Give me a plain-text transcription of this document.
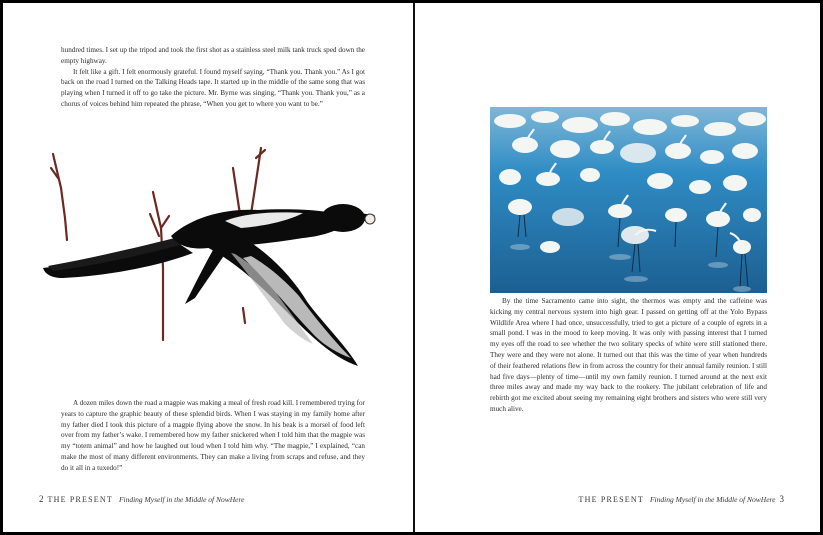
hundred times. I set up the tripod and took the first shot as a stainless steel milk tank truck sped down the empty highway.

It felt like a gift. I felt enormously grateful. I found myself saying, “Thank you. Thank you.” As I got back on the road I turned on the Talking Heads tape. It started up in the middle of the same song that was playing when I turned it off to go take the picture. Mr. Byrne was singing, “Thank you. Thank you,” as a chorus of voices behind him repeated the phrase, “When you get to where you want to be.”

A dozen miles down the road a magpie was making a meal of fresh road kill. I remembered trying for years to capture the graphic beauty of these splendid birds. When I was staying in my family home after my father died I took this picture of a magpie flying above the snow. In his beak is a morsel of food left over from my father’s wake. I remembered how my father snickered when I told him that the magpie was my “totem animal” and how he laughed out loud when I told him why. “The magpie,” I explained, “can make the most of many different environments. They can make a living from scraps and refuse, and they do it all in a tuxedo!”

2 THE PRESENT Finding Myself in the Middle of NowHere

By the time Sacramento came into sight, the thermos was empty and the caffeine was kicking my central nervous system into high gear. I passed on getting off at the Yolo Bypass Wildlife Area where I had once, unsuccessfully, tried to get a picture of a couple of egrets in a small pond. I was in the mood to keep moving. It was only with passing interest that I turned my eyes off the road to see whether the two solitary specks of white were still stationed there. They were and they were not alone. It turned out that this was the time of year when hundreds of their feathered relations flew in from across the country for their annual family reunion. I still had five days—plenty of time—until my own family reunion. I turned around at the next exit three miles away and made my way back to the rookery. The jubilant celebration of life and rebirth got me excited about seeing my remaining eight brothers and sisters who were still very much alive.

THE PRESENT Finding Myself in the Middle of NowHere 3
